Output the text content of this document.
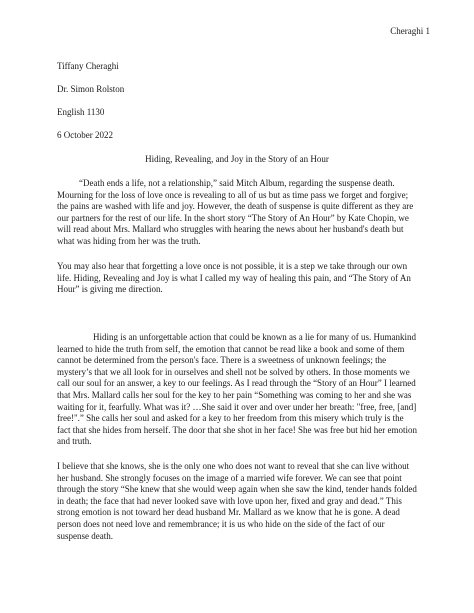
Cheraghi 1
Tiffany Cheraghi
Dr. Simon Rolston
English 1130
6 October 2022
Hiding, Revealing, and Joy in the Story of an Hour

“Death ends a life, not a relationship,” said Mitch Album, regarding the suspense death. Mourning for the loss of love once is revealing to all of us but as time pass we forget and forgive; the pains are washed with life and joy. However, the death of suspense is quite different as they are our partners for the rest of our life. In the short story “The Story of An Hour” by Kate Chopin, we will read about Mrs. Mallard who struggles with hearing the news about her husband's death but what was hiding from her was the truth.

You may also hear that forgetting a love once is not possible, it is a step we take through our own life. Hiding, Revealing and Joy is what I called my way of healing this pain, and “The Story of An Hour” is giving me direction.

Hiding is an unforgettable action that could be known as a lie for many of us. Humankind learned to hide the truth from self, the emotion that cannot be read like a book and some of them cannot be determined from the person's face. There is a sweetness of unknown feelings; the mystery’s that we all look for in ourselves and shell not be solved by others. In those moments we call our soul for an answer, a key to our feelings. As I read through the “Story of an Hour” I learned that Mrs. Mallard calls her soul for the key to her pain “Something was coming to her and she was waiting for it, fearfully. What was it? …She said it over and over under her breath: "free, free, [and] free!".” She calls her soul and asked for a key to her freedom from this misery which truly is the fact that she hides from herself. The door that she shot in her face! She was free but hid her emotion and truth.

I believe that she knows, she is the only one who does not want to reveal that she can live without her husband. She strongly focuses on the image of a married wife forever. We can see that point through the story “She knew that she would weep again when she saw the kind, tender hands folded in death; the face that had never looked save with love upon her, fixed and gray and dead.” This strong emotion is not toward her dead husband Mr. Mallard as we know that he is gone. A dead person does not need love and remembrance; it is us who hide on the side of the fact of our suspense death.
